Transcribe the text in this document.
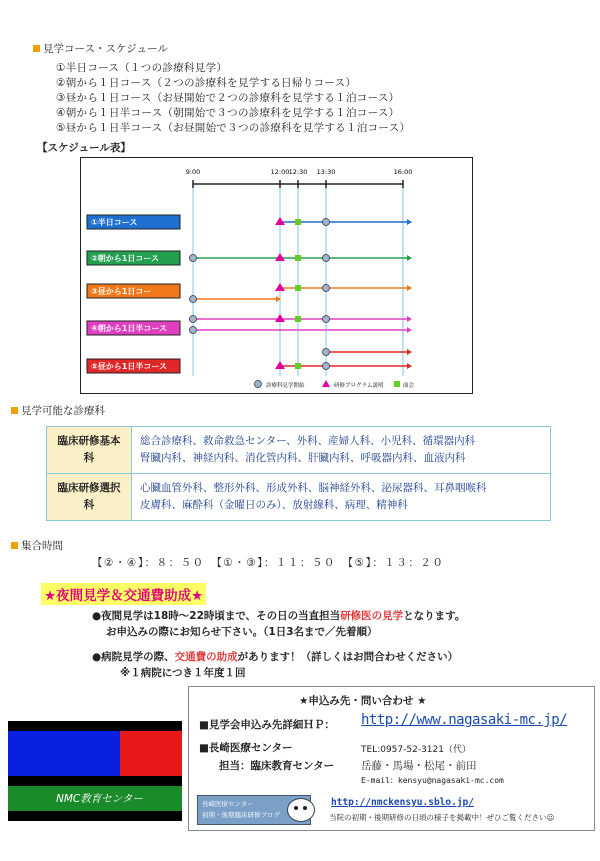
見学コース・スケジュール
①半日コース（１つの診療科見学）
②朝から１日コース（２つの診療科を見学する日帰りコース）
③昼から１日コース（お昼開始で２つの診療科を見学する１泊コース）
④朝から１日半コース（朝開始で３つの診療科を見学する１泊コース）
⑤昼から１日半コース（お昼開始で３つの診療科を見学する１泊コース）
【スケジュール表】
9:00	12:00 12:30 13:30	16:00
①半日コース
②朝から1日コース
③昼から1日コー
④朝から1日半コース
⑤昼から1日半コース
診療科見学開始	研修プログラム説明	面会
見学可能な診療科
臨床研修基本科	総合診療科、救命救急センター、外科、産婦人科、小児科、循環器内科
腎臓内科、神経内科、消化管内科、肝臓内科、呼吸器内科、血液内科

臨床研修選択科	心臓血管外科、整形外科、形成外科、脳神経外科、泌尿器科、耳鼻咽喉科
皮膚科、麻酔科（金曜日のみ）、放射線科、病理、精神科
集合時間
【②・④】：８：５０　【①・③】：１１：５０　【⑤】：１３：２０
★夜間見学＆交通費助成★
●夜間見学は18時～22時頃まで、その日の当直担当研修医の見学となります。
お申込みの際にお知らせ下さい。（1日3名まで／先着順）
●病院見学の際、交通費の助成があります！（詳しくはお問合わせください）
※１病院につき１年度１回
NMC教育センター
★申込み先・問い合わせ ★
■見学会申込み先詳細ＨＰ： http://www.nagasaki-mc.jp/
■長崎医療センター	TEL:0957-52-3121（代）
担当：臨床教育センター	岳藤・馬場・松尾・前田
E-mail：kensyu@nagasaki-mc.com
長崎医療センター
初期・後期臨床研修ブログ
http://nmckensyu.sblo.jp/
当院の初期・後期研修の日頃の様子を掲載中！ぜひご覧ください☺
